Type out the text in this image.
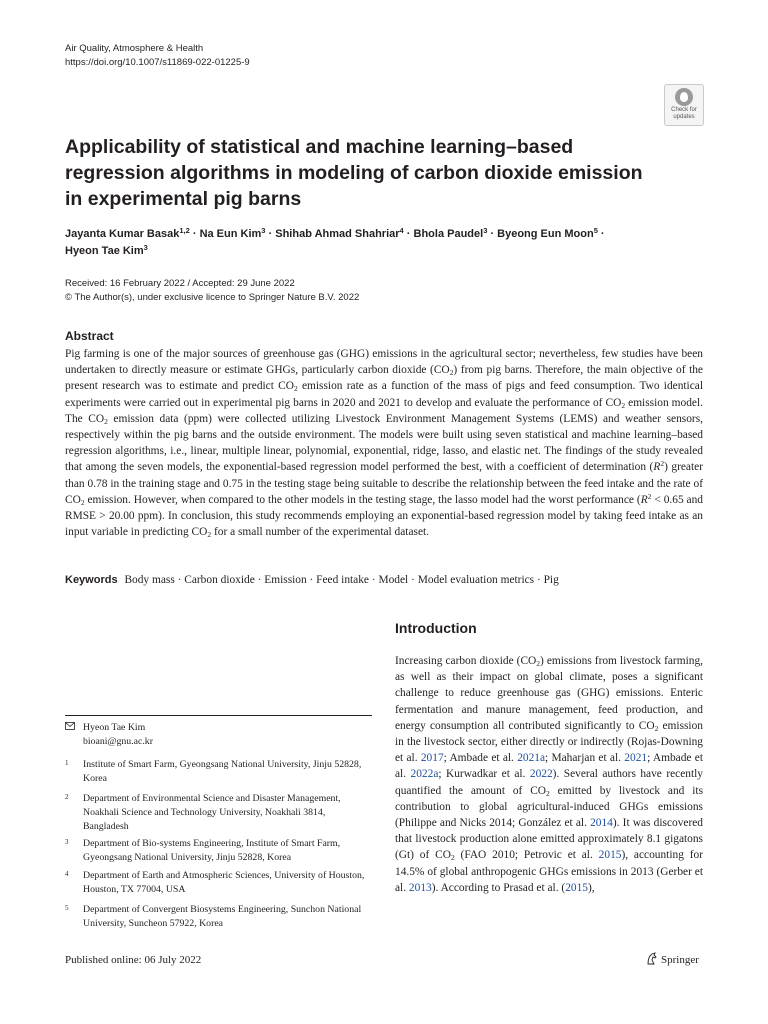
Air Quality, Atmosphere & Health
https://doi.org/10.1007/s11869-022-01225-9
Check for
updates
Applicability of statistical and machine learning–based regression algorithms in modeling of carbon dioxide emission in experimental pig barns
Jayanta Kumar Basak$^{1,2}$ · Na Eun Kim$^3$ · Shihab Ahmad Shahriar$^4$ · Bhola Paudel$^3$ · Byeong Eun Moon$^5$ ·
Hyeon Tae Kim$^3$
Received: 16 February 2022 / Accepted: 29 June 2022
© The Author(s), under exclusive licence to Springer Nature B.V. 2022
Abstract
Pig farming is one of the major sources of greenhouse gas (GHG) emissions in the agricultural sector; nevertheless, few studies have been undertaken to directly measure or estimate GHGs, particularly carbon dioxide $(CO_2)$ from pig barns. Therefore, the main objective of the present research was to estimate and predict $CO_2$ emission rate as a function of the mass of pigs and feed consumption. Two identical experiments were carried out in experimental pig barns in 2020 and 2021 to develop and evaluate the performance of $CO_2$ emission model. The $CO_2$ emission data (ppm) were collected utilizing Livestock Environment Management Systems (LEMS) and weather sensors, respectively within the pig barns and the outside environment. The models were built using seven statistical and machine learning–based regression algorithms, i.e., linear, multiple linear, polynomial, exponential, ridge, lasso, and elastic net. The findings of the study revealed that among the seven models, the exponential-based regression model performed the best, with a coefficient of determination $(R^2)$ greater than 0.78 in the training stage and 0.75 in the testing stage being suitable to describe the relationship between the feed intake and the rate of $CO_2$ emission. However, when compared to the other models in the testing stage, the lasso model had the worst performance ($R^2 < 0.65$ and RMSE > 20.00 ppm). In conclusion, this study recommends employing an exponential-based regression model by taking feed intake as an input variable in predicting $CO_2$ for a small number of the experimental dataset.
Keywords Body mass · Carbon dioxide · Emission · Feed intake · Model · Model evaluation metrics · Pig
Introduction
Increasing carbon dioxide $(CO_2)$ emissions from livestock farming, as well as their impact on global climate, poses a significant challenge to reduce greenhouse gas (GHG) emissions. Enteric fermentation and manure management, feed production, and energy consumption all contributed significantly to $CO_2$ emission in the livestock sector, either directly or indirectly (Rojas-Downing et al. 2017; Ambade et al. 2021a; Maharjan et al. 2021; Ambade et al. 2022a; Kurwadkar et al. 2022). Several authors have recently quantified the amount of $CO_2$ emitted by livestock and its contribution to global agricultural-induced GHGs emissions (Philippe and Nicks 2014; González et al. 2014). It was discovered that livestock production alone emitted approximately 8.1 gigatons (Gt) of $CO_2$ (FAO 2010; Petrovic et al. 2015), accounting for 14.5% of global anthropogenic GHGs emissions in 2013 (Gerber et al. 2013). According to Prasad et al. (2015),
Hyeon Tae Kim
bioani@gnu.ac.kr
1 Institute of Smart Farm, Gyeongsang National University, Jinju 52828, Korea
2 Department of Environmental Science and Disaster Management, Noakhali Science and Technology University, Noakhali 3814, Bangladesh
3 Department of Bio-systems Engineering, Institute of Smart Farm, Gyeongsang National University, Jinju 52828, Korea
4 Department of Earth and Atmospheric Sciences, University of Houston, Houston, TX 77004, USA
5 Department of Convergent Biosystems Engineering, Sunchon National University, Suncheon 57922, Korea
Published online: 06 July 2022	Springer
